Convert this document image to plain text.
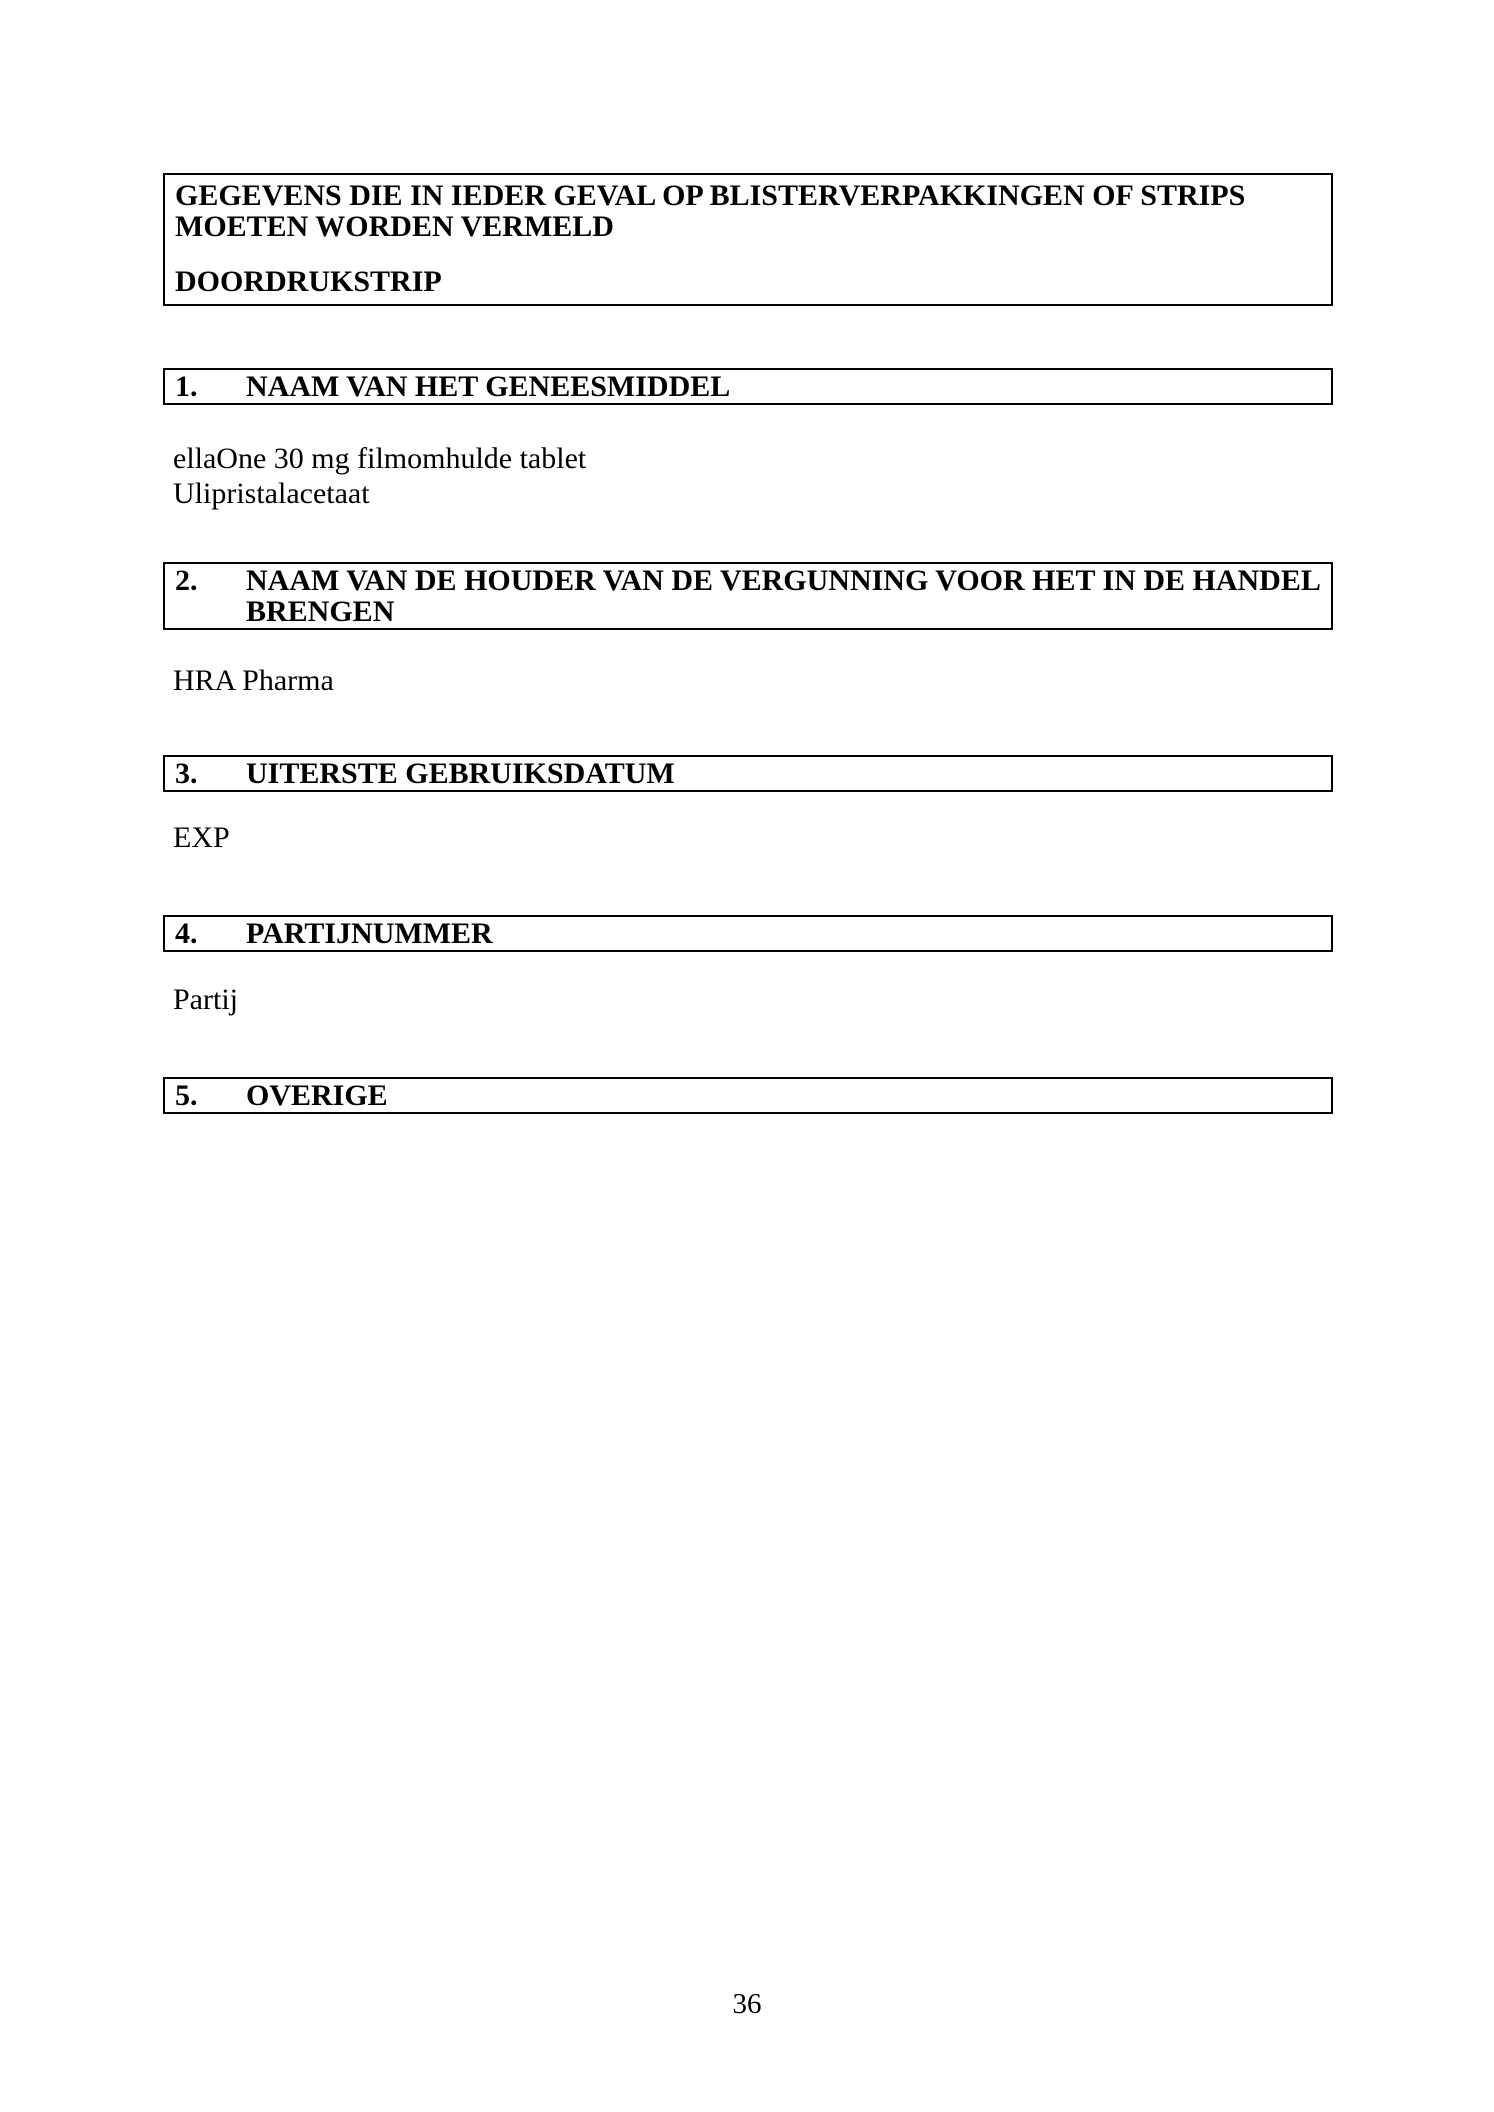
GEGEVENS DIE IN IEDER GEVAL OP BLISTERVERPAKKINGEN OF STRIPS MOETEN WORDEN VERMELD

DOORDRUKSTRIP

1.	NAAM VAN HET GENEESMIDDEL

ellaOne 30 mg filmomhulde tablet
Ulipristalacetaat

2.	NAAM VAN DE HOUDER VAN DE VERGUNNING VOOR HET IN DE HANDEL BRENGEN

HRA Pharma

3.	UITERSTE GEBRUIKSDATUM

EXP

4.	PARTIJNUMMER

Partij

5.	OVERIGE
36
